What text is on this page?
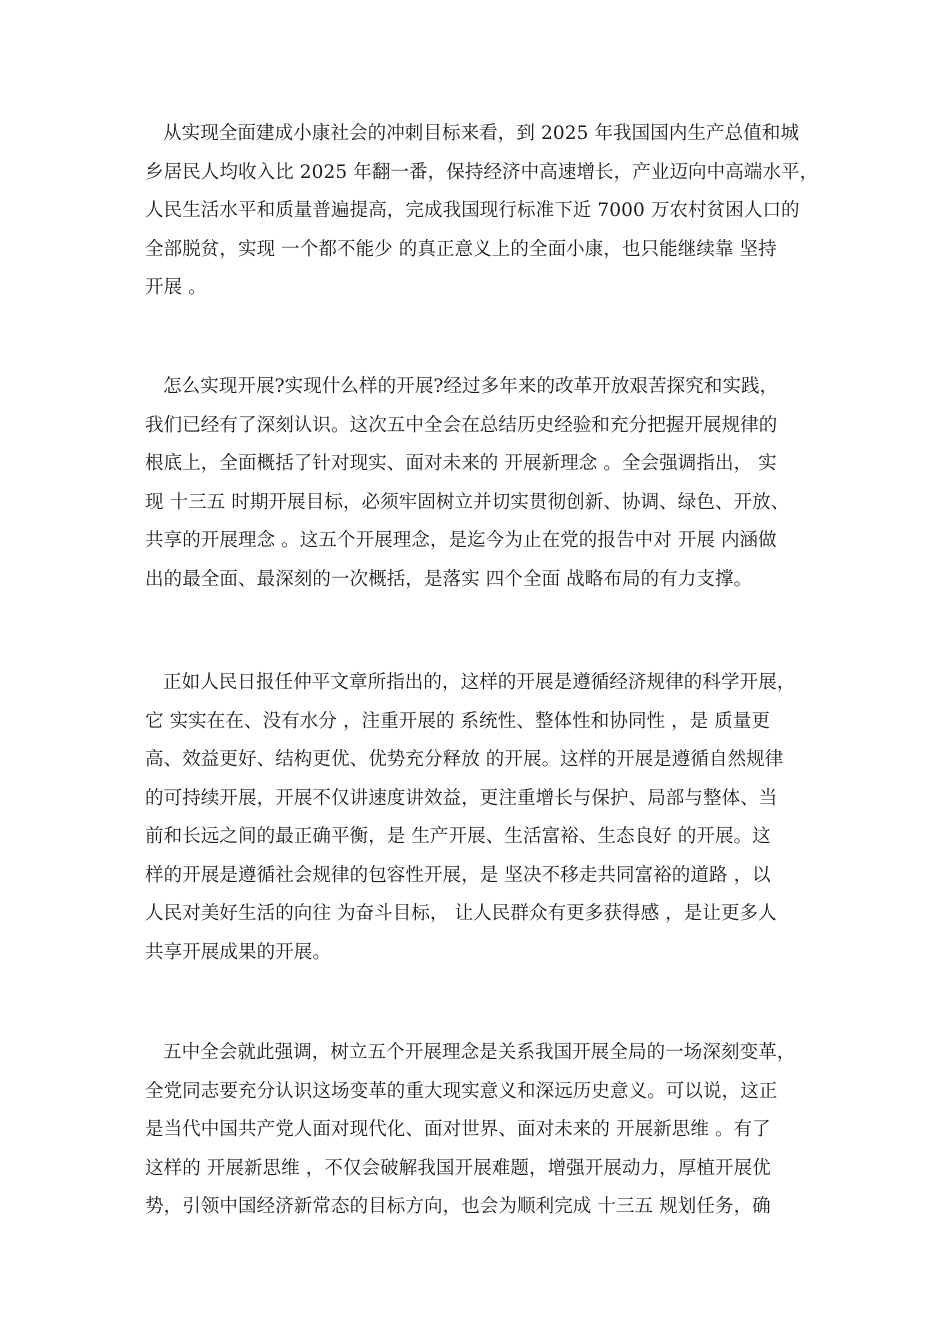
从实现全面建成小康社会的冲刺目标来看，到 2025 年我国国内生产总值和城
乡居民人均收入比 2025 年翻一番，保持经济中高速增长，产业迈向中高端水平，
人民生活水平和质量普遍提高，完成我国现行标准下近 7000 万农村贫困人口的
全部脱贫，实现 一个都不能少 的真正意义上的全面小康，也只能继续靠 坚持
开展 。
怎么实现开展?实现什么样的开展?经过多年来的改革开放艰苦探究和实践，
我们已经有了深刻认识。这次五中全会在总结历史经验和充分把握开展规律的
根底上，全面概括了针对现实、面对未来的 开展新理念 。全会强调指出， 实
现 十三五 时期开展目标，必须牢固树立并切实贯彻创新、协调、绿色、开放、
共享的开展理念 。这五个开展理念，是迄今为止在党的报告中对 开展 内涵做
出的最全面、最深刻的一次概括，是落实 四个全面 战略布局的有力支撑。
正如人民日报任仲平文章所指出的，这样的开展是遵循经济规律的科学开展，
它 实实在在、没有水分 ，注重开展的 系统性、整体性和协同性 ，是 质量更
高、效益更好、结构更优、优势充分释放 的开展。这样的开展是遵循自然规律
的可持续开展，开展不仅讲速度讲效益，更注重增长与保护、局部与整体、当
前和长远之间的最正确平衡，是 生产开展、生活富裕、生态良好 的开展。这
样的开展是遵循社会规律的包容性开展，是 坚决不移走共同富裕的道路 ，以
人民对美好生活的向往 为奋斗目标， 让人民群众有更多获得感 ，是让更多人
共享开展成果的开展。
五中全会就此强调，树立五个开展理念是关系我国开展全局的一场深刻变革，
全党同志要充分认识这场变革的重大现实意义和深远历史意义。可以说，这正
是当代中国共产党人面对现代化、面对世界、面对未来的 开展新思维 。有了
这样的 开展新思维 ，不仅会破解我国开展难题，增强开展动力，厚植开展优
势，引领中国经济新常态的目标方向，也会为顺利完成 十三五 规划任务，确
